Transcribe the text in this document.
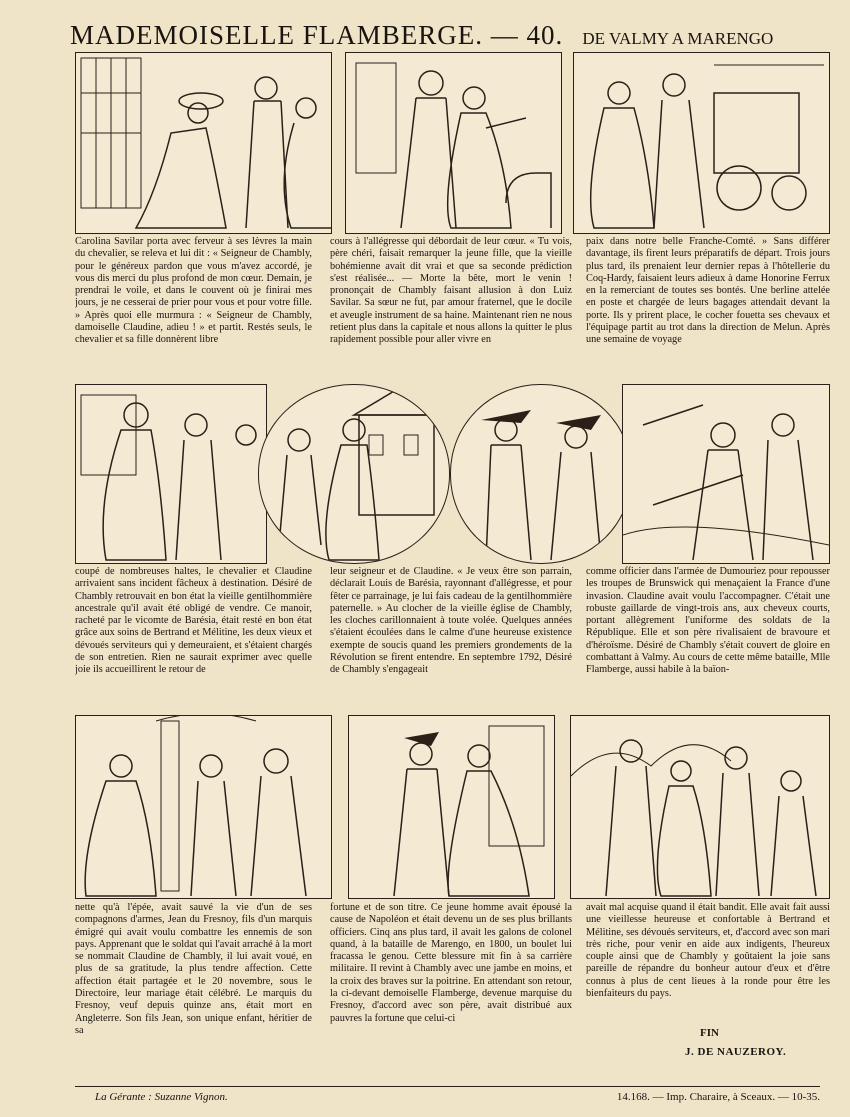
MADEMOISELLE FLAMBERGE. — 40. DE VALMY A MARENGO
Carolina Savilar porta avec ferveur à ses lèvres la main du chevalier, se releva et lui dit : « Seigneur de Chambly, pour le généreux pardon que vous m'avez accordé, je vous dis merci du plus profond de mon cœur. Demain, je prendrai le voile, et dans le couvent où je finirai mes jours, je ne cesserai de prier pour vous et pour votre fille. » Après quoi elle murmura : « Seigneur de Chambly, damoiselle Claudine, adieu ! » et partit. Restés seuls, le chevalier et sa fille donnèrent libre
cours à l'allégresse qui débordait de leur cœur. « Tu vois, père chéri, faisait remarquer la jeune fille, que la vieille bohémienne avait dit vrai et que sa seconde prédiction s'est réalisée... — Morte la bête, mort le venin ! prononçait de Chambly faisant allusion à don Luiz Savilar. Sa sœur ne fut, par amour fraternel, que le docile et aveugle instrument de sa haine. Maintenant rien ne nous retient plus dans la capitale et nous allons la quitter le plus rapidement possible pour aller vivre en
paix dans notre belle Franche-Comté. » Sans différer davantage, ils firent leurs préparatifs de départ. Trois jours plus tard, ils prenaient leur dernier repas à l'hôtellerie du Coq-Hardy, faisaient leurs adieux à dame Honorine Ferrux en la remerciant de toutes ses bontés. Une berline attelée en poste et chargée de leurs bagages attendait devant la porte. Ils y prirent place, le cocher fouetta ses chevaux et l'équipage partit au trot dans la direction de Melun. Après une semaine de voyage
coupé de nombreuses haltes, le chevalier et Claudine arrivaient sans incident fâcheux à destination. Désiré de Chambly retrouvait en bon état la vieille gentilhommière ancestrale qu'il avait été obligé de vendre. Ce manoir, racheté par le vicomte de Barésia, était resté en bon état grâce aux soins de Bertrand et Mélitine, les deux vieux et dévoués serviteurs qui y demeuraient, et s'étaient chargés de son entretien. Rien ne saurait exprimer avec quelle joie ils accueillirent le retour de
leur seigneur et de Claudine. « Je veux être son parrain, déclarait Louis de Barésia, rayonnant d'allégresse, et pour fêter ce parrainage, je lui fais cadeau de la gentilhommière paternelle. » Au clocher de la vieille église de Chambly, les cloches carillonnaient à toute volée. Quelques années s'étaient écoulées dans le calme d'une heureuse existence exempte de soucis quand les premiers grondements de la Révolution se firent entendre. En septembre 1792, Désiré de Chambly s'engageait
comme officier dans l'armée de Dumouriez pour repousser les troupes de Brunswick qui menaçaient la France d'une invasion. Claudine avait voulu l'accompagner. C'était une robuste gaillarde de vingt-trois ans, aux cheveux courts, portant allègrement l'uniforme des soldats de la République. Elle et son père rivalisaient de bravoure et d'héroïsme. Désiré de Chambly s'était couvert de gloire en combattant à Valmy. Au cours de cette même bataille, Mlle Flamberge, aussi habile à la baïon-
nette qu'à l'épée, avait sauvé la vie d'un de ses compagnons d'armes, Jean du Fresnoy, fils d'un marquis émigré qui avait voulu combattre les ennemis de son pays. Apprenant que le soldat qui l'avait arraché à la mort se nommait Claudine de Chambly, il lui avait voué, en plus de sa gratitude, la plus tendre affection. Cette affection était partagée et le 20 novembre, sous le Directoire, leur mariage était célébré. Le marquis du Fresnoy, veuf depuis quinze ans, était mort en Angleterre. Son fils Jean, son unique enfant, héritier de sa
fortune et de son titre. Ce jeune homme avait épousé la cause de Napoléon et était devenu un de ses plus brillants officiers. Cinq ans plus tard, il avait les galons de colonel quand, à la bataille de Marengo, en 1800, un boulet lui fracassa le genou. Cette blessure mit fin à sa carrière militaire. Il revint à Chambly avec une jambe en moins, et la croix des braves sur la poitrine. En attendant son retour, la ci-devant demoiselle Flamberge, devenue marquise du Fresnoy, d'accord avec son père, avait distribué aux pauvres la fortune que celui-ci
avait mal acquise quand il était bandit. Elle avait fait aussi une vieillesse heureuse et confortable à Bertrand et Mélitine, ses dévoués serviteurs, et, d'accord avec son mari très riche, pour venir en aide aux indigents, l'heureux couple ainsi que de Chambly y goûtaient la joie sans pareille de répandre du bonheur autour d'eux et d'être connus à plus de cent lieues à la ronde pour être les bienfaiteurs du pays.
FIN
J. DE NAUZEROY.
La Gérante : Suzanne Vignon.	14.168. — Imp. Charaire, à Sceaux. — 10-35.
